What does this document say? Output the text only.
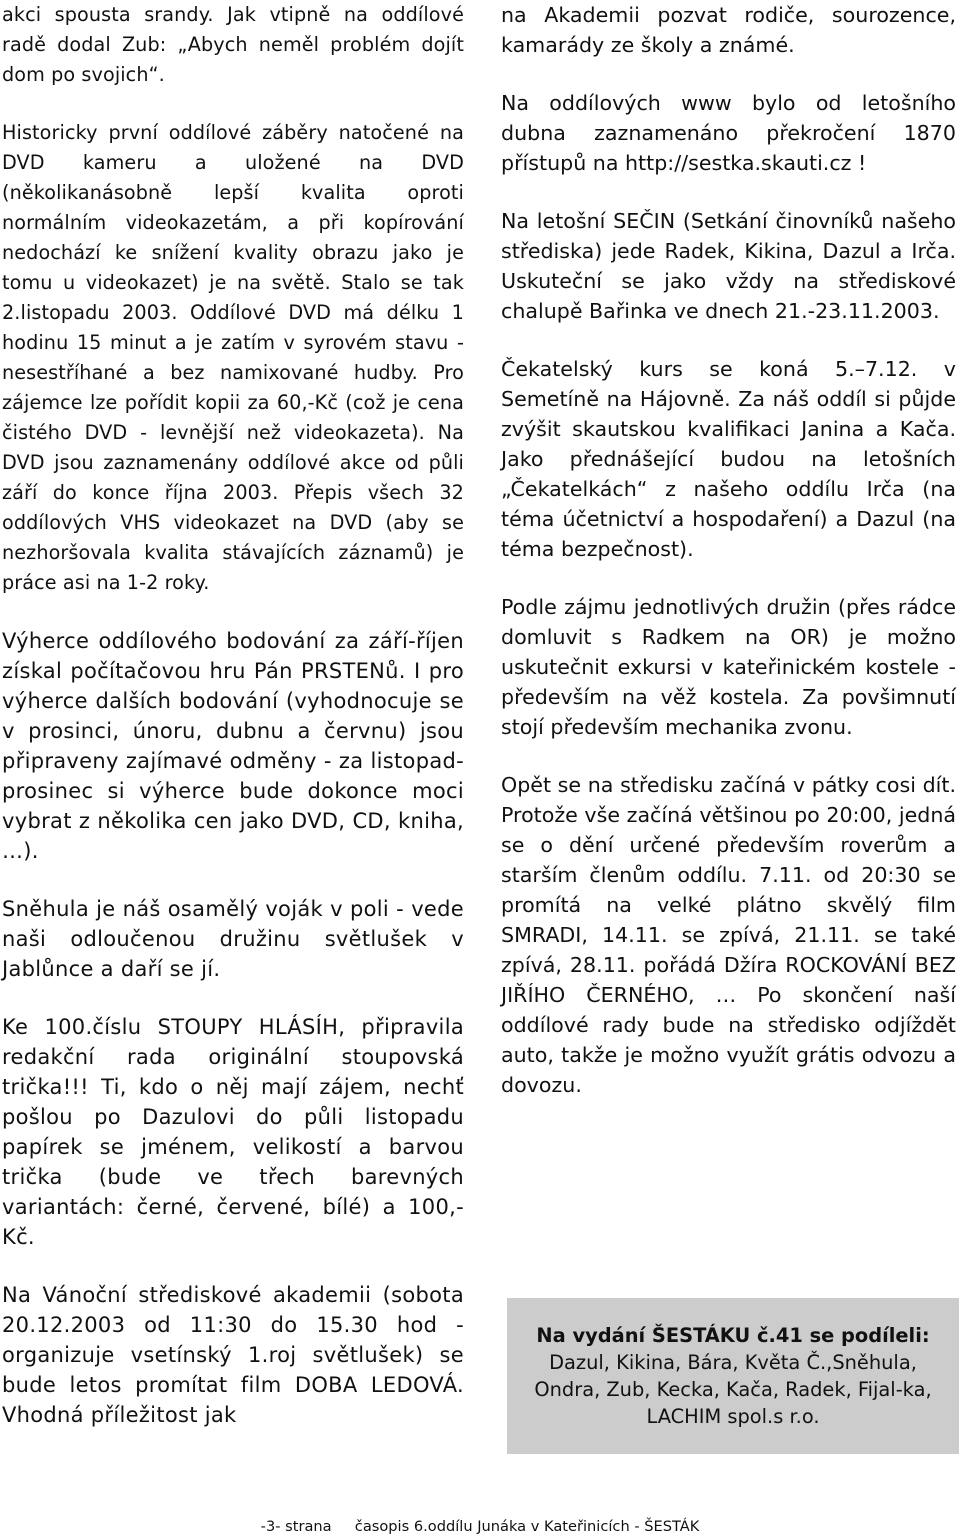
akci spousta srandy. Jak vtipně na oddílové radě dodal Zub: „Abych neměl problém dojít dom po svojich“.

Historicky první oddílové záběry natočené na DVD kameru a uložené na DVD (několikanásobně lepší kvalita oproti normálním videokazetám, a při kopírování nedochází ke snížení kvality obrazu jako je tomu u videokazet) je na světě. Stalo se tak 2.listopadu 2003. Oddílové DVD má délku 1 hodinu 15 minut a je zatím v syrovém stavu - nesestříhané a bez namixované hudby. Pro zájemce lze pořídit kopii za 60,-Kč (což je cena čistého DVD - levnější než videokazeta). Na DVD jsou zaznamenány oddílové akce od půli září do konce října 2003. Přepis všech 32 oddílových VHS videokazet na DVD (aby se nezhoršovala kvalita stávajících záznamů) je práce asi na 1-2 roky.

Výherce oddílového bodování za září-říjen získal počítačovou hru Pán PRSTENů. I pro výherce dalších bodování (vyhodnocuje se v prosinci, únoru, dubnu a červnu) jsou připraveny zajímavé odměny - za listopad-prosinec si výherce bude dokonce moci vybrat z několika cen jako DVD, CD, kniha, …).

Sněhula je náš osamělý voják v poli - vede naši odloučenou družinu světlušek v Jablůnce a daří se jí.

Ke 100.číslu STOUPY HLÁSÍH, připravila redakční rada originální stoupovská trička!!! Ti, kdo o něj mají zájem, nechť pošlou po Dazulovi do půli listopadu papírek se jménem, velikostí a barvou trička (bude ve třech barevných variantách: černé, červené, bílé) a 100,-Kč.

Na Vánoční střediskové akademii (sobota 20.12.2003 od 11:30 do 15.30 hod - organizuje vsetínský 1.roj světlušek) se bude letos promítat film DOBA LEDOVÁ. Vhodná příležitost jak

na Akademii pozvat rodiče, sourozence, kamarády ze školy a známé.

Na oddílových www bylo od letošního dubna zaznamenáno překročení 1870 přístupů na http://sestka.skauti.cz !

Na letošní SEČIN (Setkání činovníků našeho střediska) jede Radek, Kikina, Dazul a Irča. Uskuteční se jako vždy na střediskové chalupě Bařinka ve dnech 21.-23.11.2003.

Čekatelský kurs se koná 5.–7.12. v Semetíně na Hájovně. Za náš oddíl si půjde zvýšit skautskou kvalifikaci Janina a Kača. Jako přednášející budou na letošních „Čekatelkách“ z našeho oddílu Irča (na téma účetnictví a hospodaření) a Dazul (na téma bezpečnost).

Podle zájmu jednotlivých družin (přes rádce domluvit s Radkem na OR) je možno uskutečnit exkursi v kateřinickém kostele - především na věž kostela. Za povšimnutí stojí především mechanika zvonu.

Opět se na středisku začíná v pátky cosi dít. Protože vše začíná většinou po 20:00, jedná se o dění určené především roverům a starším členům oddílu. 7.11. od 20:30 se promítá na velké plátno skvělý film SMRADI, 14.11. se zpívá, 21.11. se také zpívá, 28.11. pořádá Džíra ROCKOVÁNÍ BEZ JIŘÍHO ČERNÉHO, … Po skončení naší oddílové rady bude na středisko odjíždět auto, takže je možno využít grátis odvozu a dovozu.

Na vydání ŠESTÁKU č.41 se podíleli:
Dazul, Kikina, Bára, Květa Č.,Sněhula, Ondra, Zub, Kecka, Kača, Radek, Fijal-ka, LACHIM spol.s r.o.
-3- strana časopis 6.oddílu Junáka v Kateřinicích - ŠESTÁK
